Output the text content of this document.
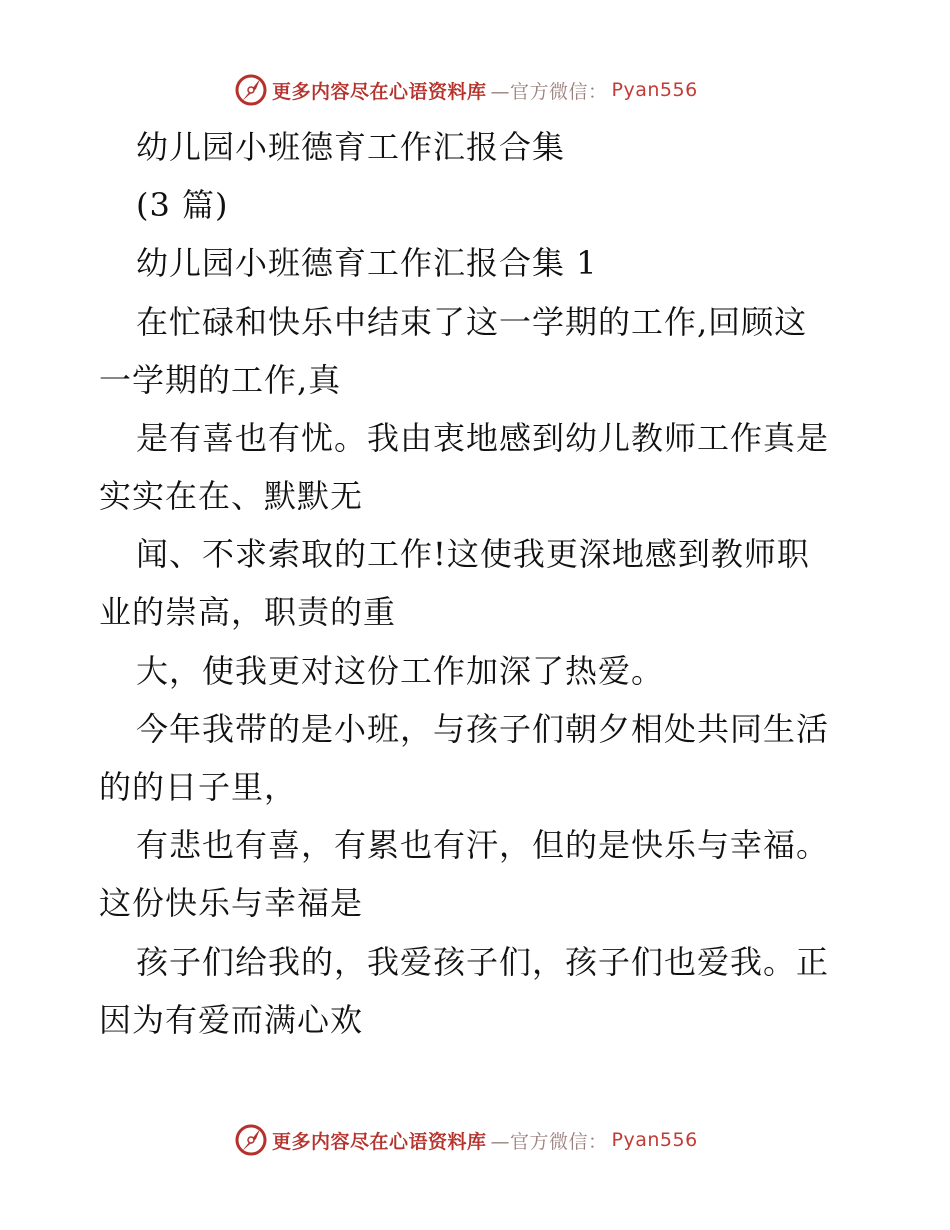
更多内容尽在心语资料库 —官方微信： Pyan556
幼儿园小班德育工作汇报合集
(3 篇)
幼儿园小班德育工作汇报合集 1
在忙碌和快乐中结束了这一学期的工作,回顾这
一学期的工作,真
是有喜也有忧。我由衷地感到幼儿教师工作真是
实实在在、默默无
闻、不求索取的工作!这使我更深地感到教师职
业的崇高，职责的重
大，使我更对这份工作加深了热爱。
今年我带的是小班，与孩子们朝夕相处共同生活
的的日子里，
有悲也有喜，有累也有汗，但的是快乐与幸福。
这份快乐与幸福是
孩子们给我的，我爱孩子们，孩子们也爱我。正
因为有爱而满心欢
更多内容尽在心语资料库 —官方微信： Pyan556
